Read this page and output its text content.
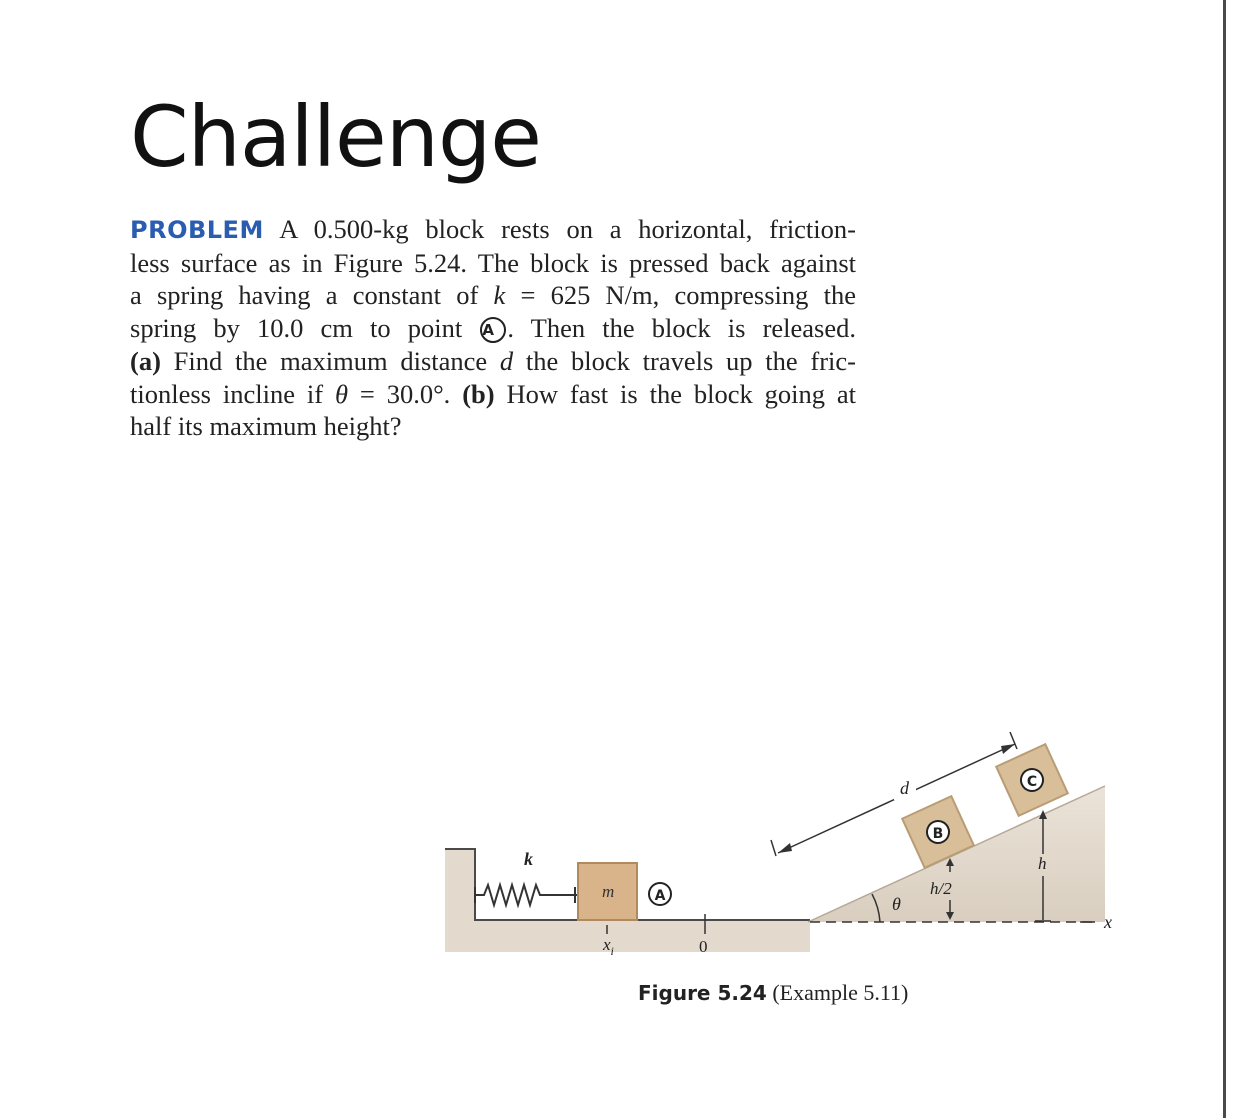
Challenge
PROBLEM A 0.500-kg block rests on a horizontal, friction-
less surface as in Figure 5.24. The block is pressed back against
a spring having a constant of k = 625 N/m, compressing the
spring by 10.0 cm to point A . Then the block is released.
(a) Find the maximum distance d the block travels up the fric-
tionless incline if θ = 30.0°. (b) How fast is the block going at
half its maximum height?
k
m	A
$x_i$	0
θ
B
C
d
h/2
h
x
Figure 5.24 (Example 5.11)
